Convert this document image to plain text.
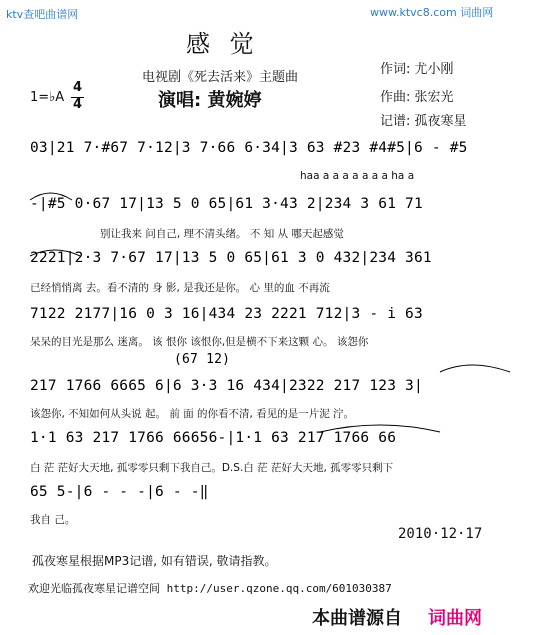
ktv查吧曲谱网	www.ktvc8.com 词曲网
感 觉
电视剧《死去活来》主题曲
演唱: 黄婉婷
作词: 尤小刚
作曲: 张宏光
记谱: 孤夜寒星
1=♭A
4
4
03|21 7·#67 7·12|3 7·66 6·34|3 63 #23 #4#5|6 - #5
haa a a a a a a a ha a
-|#5 0·67 17|13 5 0 65|61 3·43 2|234 3 61 71
别让我来 问自己, 理不清头绪。 不 知 从 哪天起感觉
2221|2·3 7·67 17|13 5 0 65|61 3 0 432|234 361
已经悄悄离 去。看不清的 身 影, 是我还是你。 心 里的血 不再流
7122 2177|16 0 3 16|434 23 2221 712|3 - i 63
呆呆的目光是那么 迷离。 该 恨你 该恨你,但是横不下来这颗 心。 该怨你
(67 12)
217 1766 6665 6|6 3·3 16 434|2322 217 123 3|
该怨你, 不知如何从头说 起。 前 面 的你看不清, 看见的是一片泥 泞。
1·1 63 217 1766 66656-|1·1 63 217 1766 66
白 茫 茫好大天地, 孤零零只剩下我自己。D.S.白 茫 茫好大天地, 孤零零只剩下
65 5-|6 - - -|6 - -‖
我自 己。
2010·12·17
孤夜寒星根据MP3记谱, 如有错误, 敬请指教。
欢迎光临孤夜寒星记谱空间 http://user.qzone.qq.com/601030387
本曲谱源自 词曲网
